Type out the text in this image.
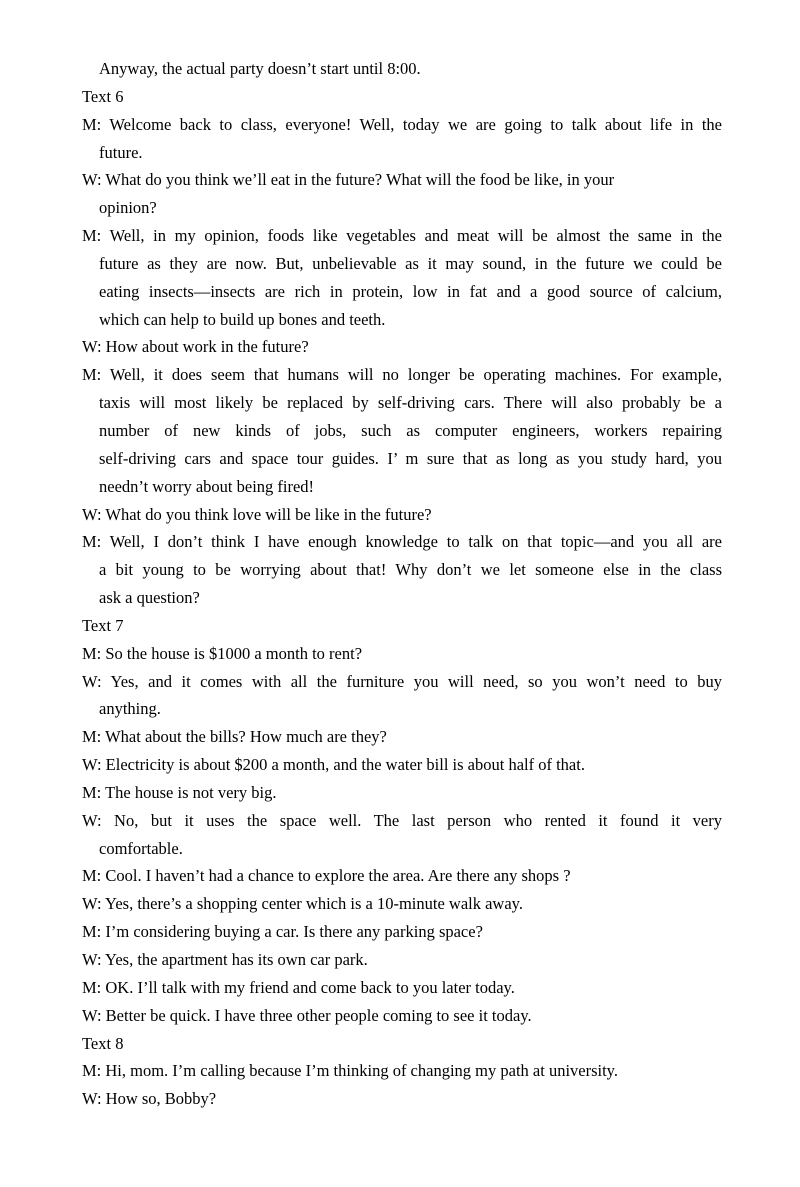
Anyway, the actual party doesn’t start until 8:00.
Text 6
M: Welcome back to class, everyone! Well, today we are going to talk about life in the
future.
W: What do you think we’ll eat in the future? What will the food be like, in your
opinion?
M: Well, in my opinion, foods like vegetables and meat will be almost the same in the
future as they are now. But, unbelievable as it may sound, in the future we could be
eating insects—insects are rich in protein, low in fat and a good source of calcium,
which can help to build up bones and teeth.
W: How about work in the future?
M: Well, it does seem that humans will no longer be operating machines. For example,
taxis will most likely be replaced by self-driving cars. There will also probably be a
number of new kinds of jobs, such as computer engineers, workers repairing
self-driving cars and space tour guides. I’ m sure that as long as you study hard, you
needn’t worry about being fired!
W: What do you think love will be like in the future?
M: Well, I don’t think I have enough knowledge to talk on that topic—and you all are
a bit young to be worrying about that! Why don’t we let someone else in the class
ask a question?
Text 7
M: So the house is $1000 a month to rent?
W: Yes, and it comes with all the furniture you will need, so you won’t need to buy
anything.
M: What about the bills? How much are they?
W: Electricity is about $200 a month, and the water bill is about half of that.
M: The house is not very big.
W: No, but it uses the space well. The last person who rented it found it very
comfortable.
M: Cool. I haven’t had a chance to explore the area. Are there any shops ?
W: Yes, there’s a shopping center which is a 10-minute walk away.
M: I’m considering buying a car. Is there any parking space?
W: Yes, the apartment has its own car park.
M: OK. I’ll talk with my friend and come back to you later today.
W: Better be quick. I have three other people coming to see it today.
Text 8
M: Hi, mom. I’m calling because I’m thinking of changing my path at university.
W: How so, Bobby?
